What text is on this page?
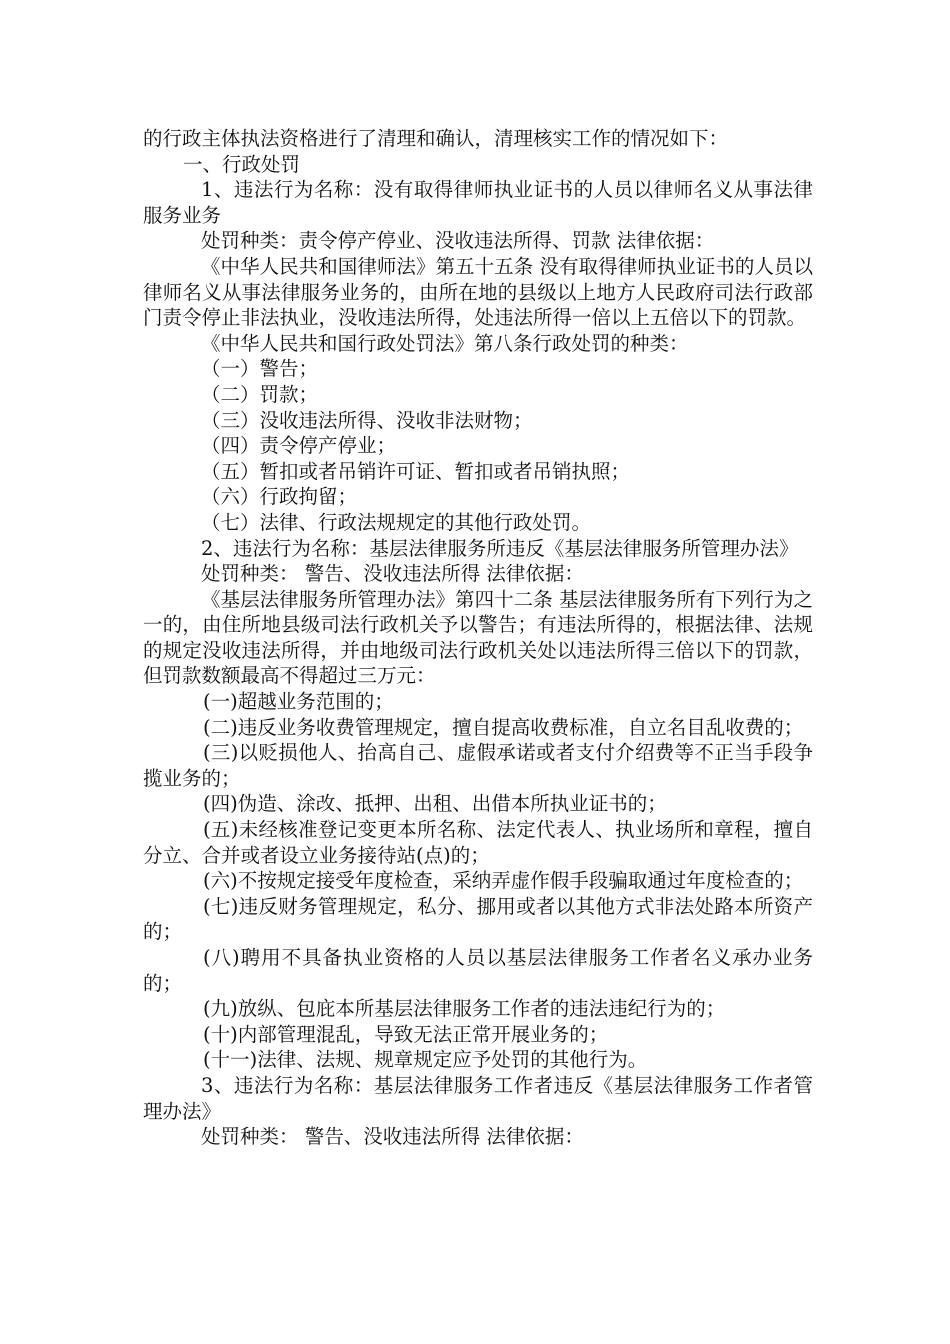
的行政主体执法资格进行了清理和确认，清理核实工作的情况如下：

一、行政处罚

1、违法行为名称：没有取得律师执业证书的人员以律师名义从事法律服务业务

处罚种类：责令停产停业、没收违法所得、罚款 法律依据：

《中华人民共和国律师法》第五十五条 没有取得律师执业证书的人员以律师名义从事法律服务业务的，由所在地的县级以上地方人民政府司法行政部门责令停止非法执业，没收违法所得，处违法所得一倍以上五倍以下的罚款。

《中华人民共和国行政处罚法》第八条行政处罚的种类：

（一）警告；

（二）罚款；

（三）没收违法所得、没收非法财物；

（四）责令停产停业；

（五）暂扣或者吊销许可证、暂扣或者吊销执照；

（六）行政拘留；

（七）法律、行政法规规定的其他行政处罚。

2、违法行为名称：基层法律服务所违反《基层法律服务所管理办法》

处罚种类： 警告、没收违法所得 法律依据：

《基层法律服务所管理办法》第四十二条 基层法律服务所有下列行为之一的，由住所地县级司法行政机关予以警告；有违法所得的，根据法律、法规的规定没收违法所得，并由地级司法行政机关处以违法所得三倍以下的罚款，但罚款数额最高不得超过三万元：

(一)超越业务范围的；

(二)违反业务收费管理规定，擅自提高收费标准，自立名目乱收费的；

(三)以贬损他人、抬高自己、虚假承诺或者支付介绍费等不正当手段争揽业务的；

(四)伪造、涂改、抵押、出租、出借本所执业证书的；

(五)未经核准登记变更本所名称、法定代表人、执业场所和章程，擅自分立、合并或者设立业务接待站(点)的；

(六)不按规定接受年度检查，采纳弄虚作假手段骗取通过年度检查的；

(七)违反财务管理规定，私分、挪用或者以其他方式非法处路本所资产的；

(八)聘用不具备执业资格的人员以基层法律服务工作者名义承办业务的；

(九)放纵、包庇本所基层法律服务工作者的违法违纪行为的；

(十)内部管理混乱，导致无法正常开展业务的；

(十一)法律、法规、规章规定应予处罚的其他行为。

3、违法行为名称：基层法律服务工作者违反《基层法律服务工作者管理办法》

处罚种类： 警告、没收违法所得 法律依据：
